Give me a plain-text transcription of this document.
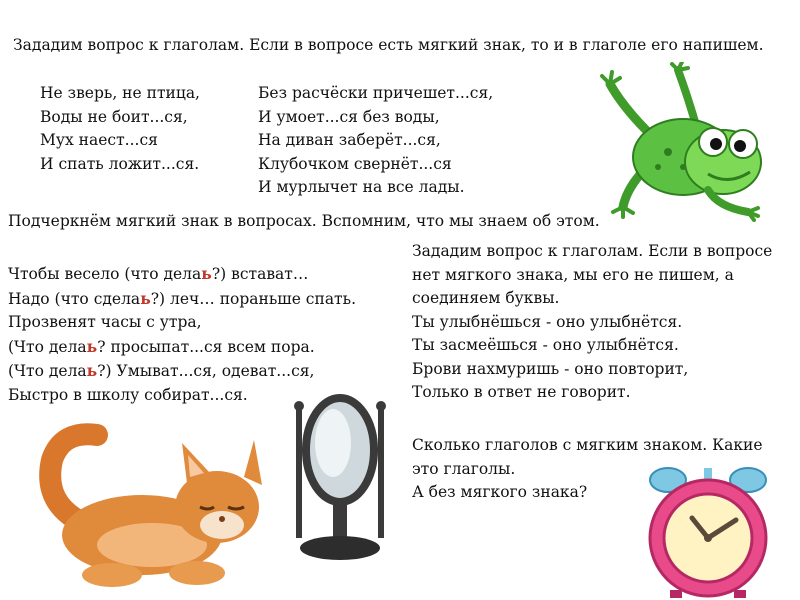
Зададим вопрос к глаголам. Если в вопросе есть мягкий знак, то и в глаголе его напишем.
Не зверь, не птица,
Воды не боит...ся,
Мух наест...ся
И спать ложит...ся.
Без расчёски причешет...ся,
И умоет...ся без воды,
На диван заберёт...ся,
Клубочком свернёт...ся
И мурлычет на все лады.
Подчеркнём мягкий знак в вопросах. Вспомним, что мы знаем об этом.
Чтобы весело (что делаь?) встават…
Надо (что сделаь?) леч… пораньше спать.
Прозвенят часы с утра,
(Что делаь? просыпат...ся всем пора.
(Что делаь?) Умыват...ся, одеват...ся,
Быстро в школу собират...ся.
Зададим вопрос к глаголам. Если в вопросе
нет мягкого знака, мы его не пишем, а
соединяем буквы.
Ты улыбнёшься - оно улыбнётся.
Ты засмеёшься - оно улыбнётся.
Брови нахмуришь - оно повторит,
Только в ответ не говорит.
Сколько глаголов с мягким знаком. Какие
это глаголы.
А без мягкого знака?
